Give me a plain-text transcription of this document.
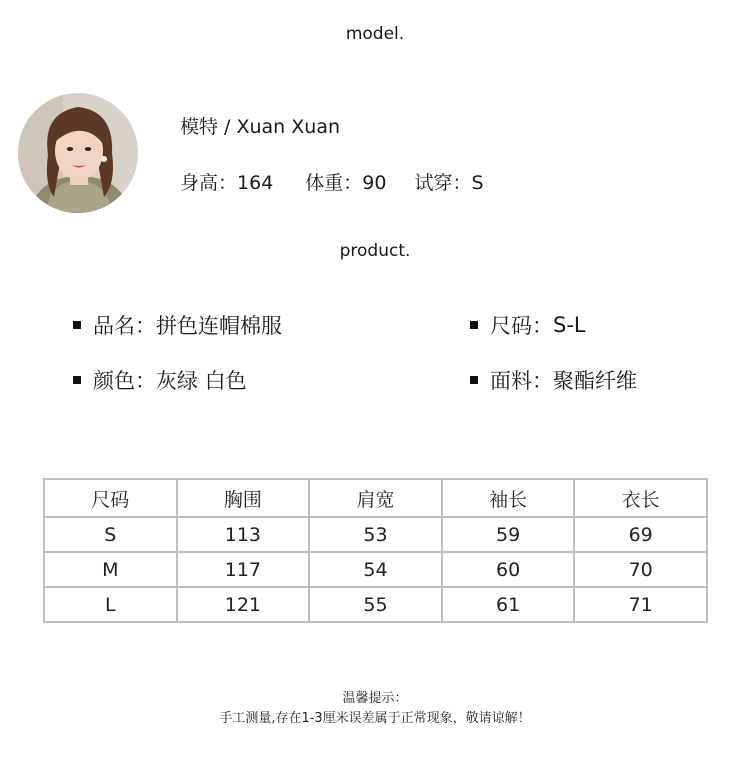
model.
模特 / Xuan Xuan
身高：164 体重：90 试穿：S
product.
品名： 拼色连帽棉服	尺码： S-L
颜色： 灰绿 白色	面料： 聚酯纤维
尺码	胸围	肩宽	袖长	衣长
S	113	53	59	69
M	117	54	60	70
L	121	55	61	71
温馨提示：
手工测量,存在1-3厘米误差属于正常现象，敬请谅解！
